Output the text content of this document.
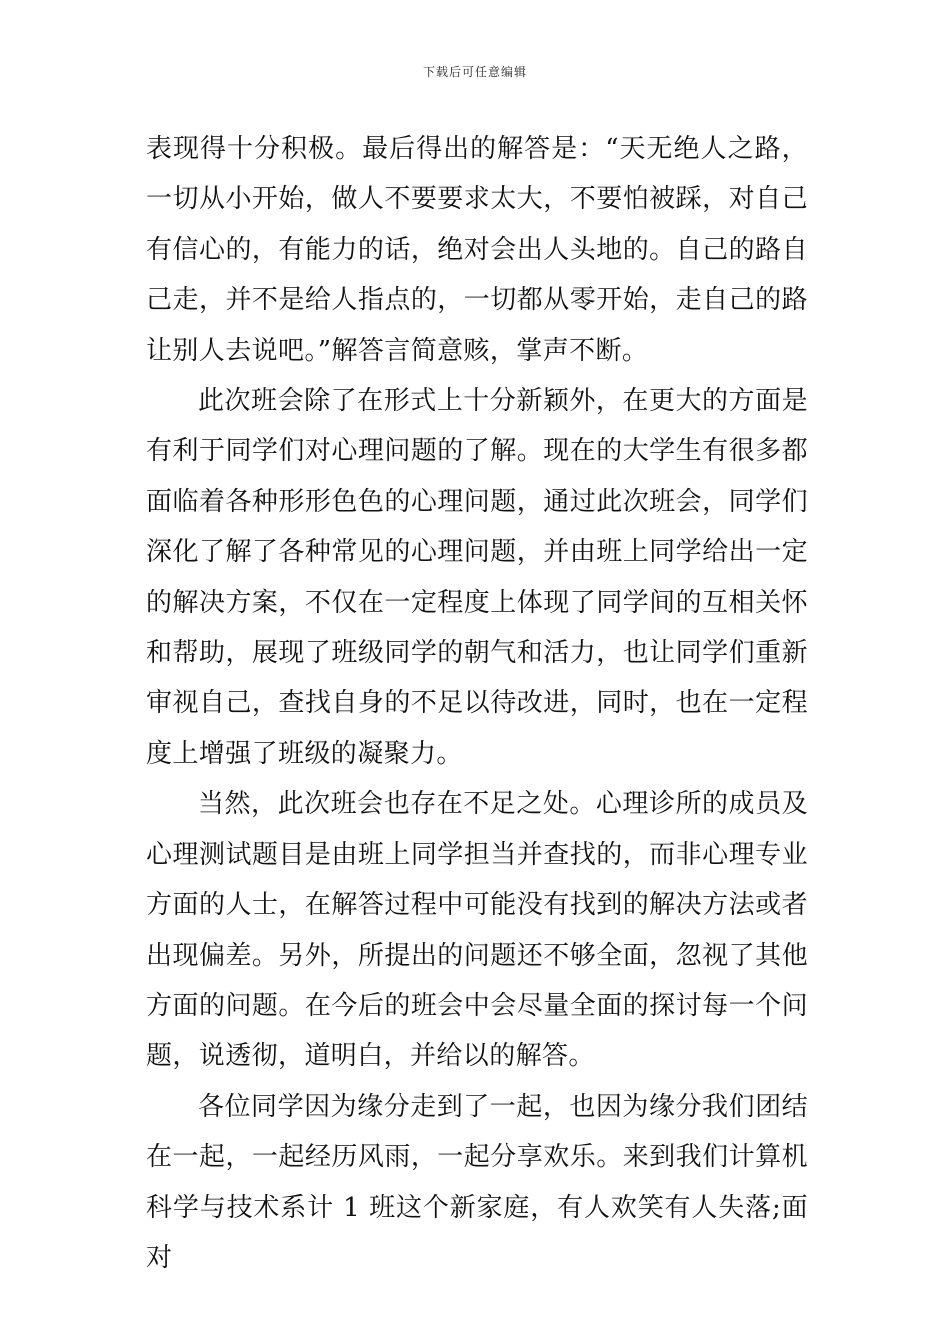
下载后可任意编辑

表现得十分积极。最后得出的解答是：“天无绝人之路，一切从小开始，做人不要要求太大，不要怕被踩，对自己有信心的，有能力的话，绝对会出人头地的。自己的路自己走，并不是给人指点的，一切都从零开始，走自己的路让别人去说吧。”解答言简意赅，掌声不断。

此次班会除了在形式上十分新颖外，在更大的方面是有利于同学们对心理问题的了解。现在的大学生有很多都面临着各种形形色色的心理问题，通过此次班会，同学们深化了解了各种常见的心理问题，并由班上同学给出一定的解决方案，不仅在一定程度上体现了同学间的互相关怀和帮助，展现了班级同学的朝气和活力，也让同学们重新审视自己，查找自身的不足以待改进，同时，也在一定程度上增强了班级的凝聚力。

当然，此次班会也存在不足之处。心理诊所的成员及心理测试题目是由班上同学担当并查找的，而非心理专业方面的人士，在解答过程中可能没有找到的解决方法或者出现偏差。另外，所提出的问题还不够全面，忽视了其他方面的问题。在今后的班会中会尽量全面的探讨每一个问题，说透彻，道明白，并给以的解答。

各位同学因为缘分走到了一起，也因为缘分我们团结在一起，一起经历风雨，一起分享欢乐。来到我们计算机科学与技术系计 1 班这个新家庭，有人欢笑有人失落;面对
